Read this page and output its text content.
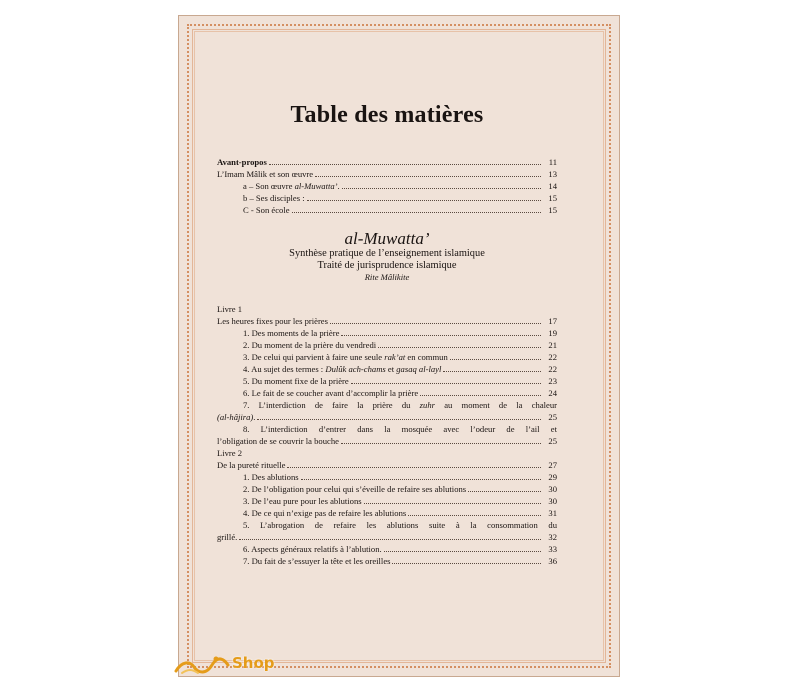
Table des matières
Avant-propos	11
L’Imam Mâlik et son œuvre	13
a – Son œuvre al-Muwatta’.	14
b – Ses disciples :	15
C - Son école	15
al-Muwatta’
Synthèse pratique de l’enseignement islamique
Traité de jurisprudence islamique
Rite Mâlikite
Livre 1
Les heures fixes pour les prières	17
1. Des moments de la prière	19
2. Du moment de la prière du vendredi	21
3. De celui qui parvient à faire une seule rak’at en commun	22
4. Au sujet des termes : Dulûk ach-chams et gasaq al-layl	22
5. Du moment fixe de la prière	23
6. Le fait de se coucher avant d’accomplir la prière	24
7. L’interdiction de faire la prière du zuhr au moment de la chaleur
(al-hâjira).	25
8. L’interdiction d’entrer dans la mosquée avec l’odeur de l’ail et
l’obligation de se couvrir la bouche	25
Livre 2
De la pureté rituelle	27
1. Des ablutions	29
2. De l’obligation pour celui qui s’éveille de refaire ses ablutions	30
3. De l’eau pure pour les ablutions	30
4. De ce qui n’exige pas de refaire les ablutions	31
5. L’abrogation de refaire les ablutions suite à la consommation du
grillé.	32
6. Aspects généraux relatifs à l’ablution.	33
7. Du fait de s’essuyer la tête et les oreilles	36
Shop
